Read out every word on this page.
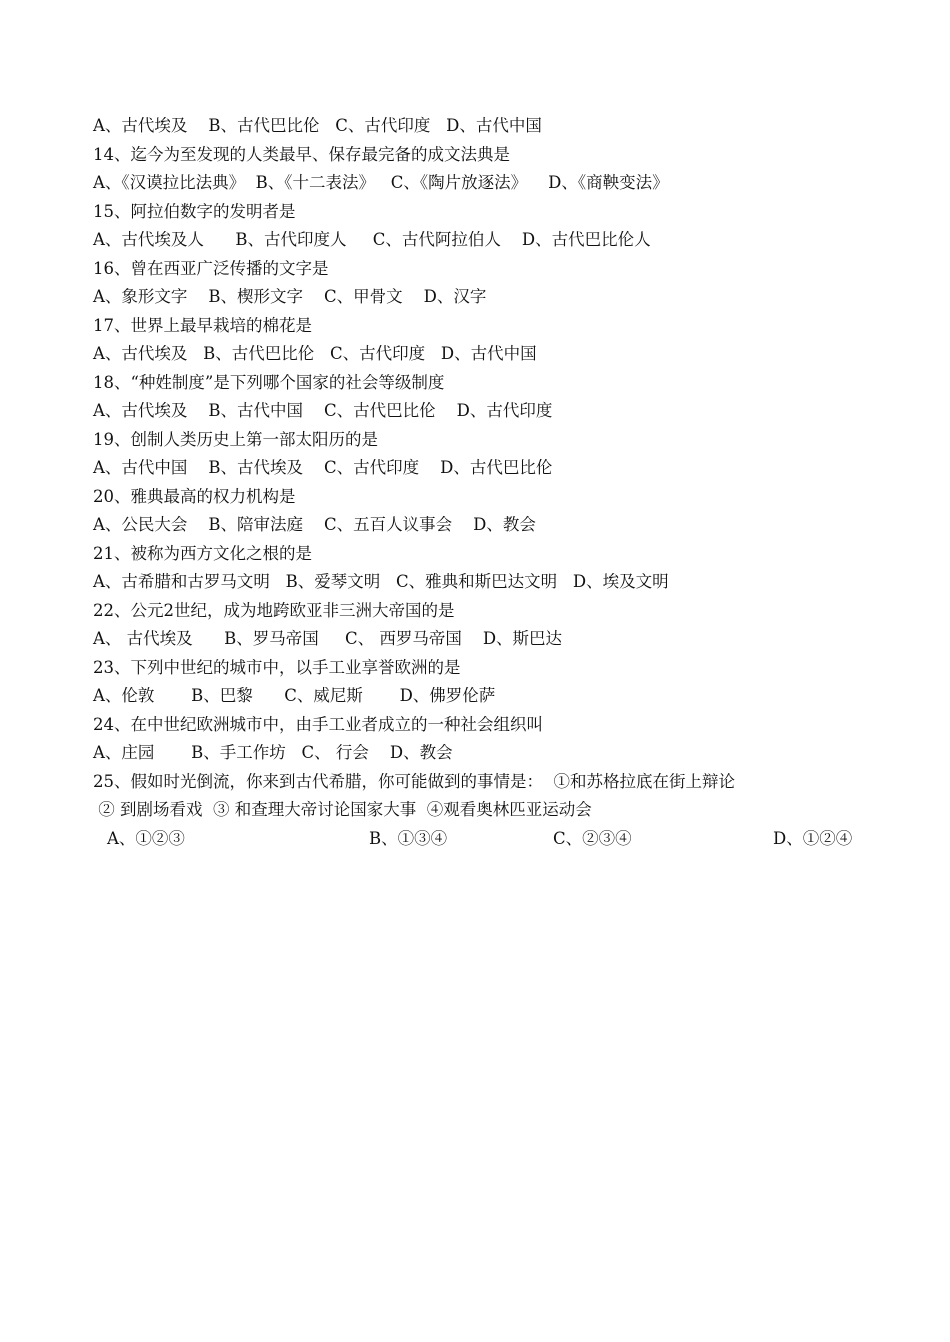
A、古代埃及    B、古代巴比伦   C、古代印度   D、古代中国
14、迄今为至发现的人类最早、保存最完备的成文法典是
A、《汉谟拉比法典》  B、《十二表法》   C、《陶片放逐法》    D、《商鞅变法》
15、阿拉伯数字的发明者是
A、古代埃及人      B、古代印度人     C、古代阿拉伯人    D、古代巴比伦人
16、曾在西亚广泛传播的文字是
A、象形文字    B、楔形文字    C、甲骨文    D、汉字
17、世界上最早栽培的棉花是
A、古代埃及   B、古代巴比伦   C、古代印度   D、古代中国
18、“种姓制度”是下列哪个国家的社会等级制度
A、古代埃及    B、古代中国    C、古代巴比伦    D、古代印度
19、创制人类历史上第一部太阳历的是
A、古代中国    B、古代埃及    C、古代印度    D、古代巴比伦
20、雅典最高的权力机构是
A、公民大会    B、陪审法庭    C、五百人议事会    D、教会
21、被称为西方文化之根的是
A、古希腊和古罗马文明   B、爱琴文明   C、雅典和斯巴达文明   D、埃及文明
22、公元2世纪，成为地跨欧亚非三洲大帝国的是
A、 古代埃及      B、罗马帝国     C、 西罗马帝国    D、斯巴达
23、下列中世纪的城市中，以手工业享誉欧洲的是
A、伦敦       B、巴黎      C、威尼斯       D、佛罗伦萨
24、在中世纪欧洲城市中，由手工业者成立的一种社会组织叫
A、庄园       B、手工作坊   C、 行会    D、教会
25、假如时光倒流，你来到古代希腊，你可能做到的事情是：  ①和苏格拉底在街上辩论
② 到剧场看戏  ③ 和查理大帝讨论国家大事  ④观看奥林匹亚运动会
A、①②③	B、①③④	C、②③④	D、①②④
